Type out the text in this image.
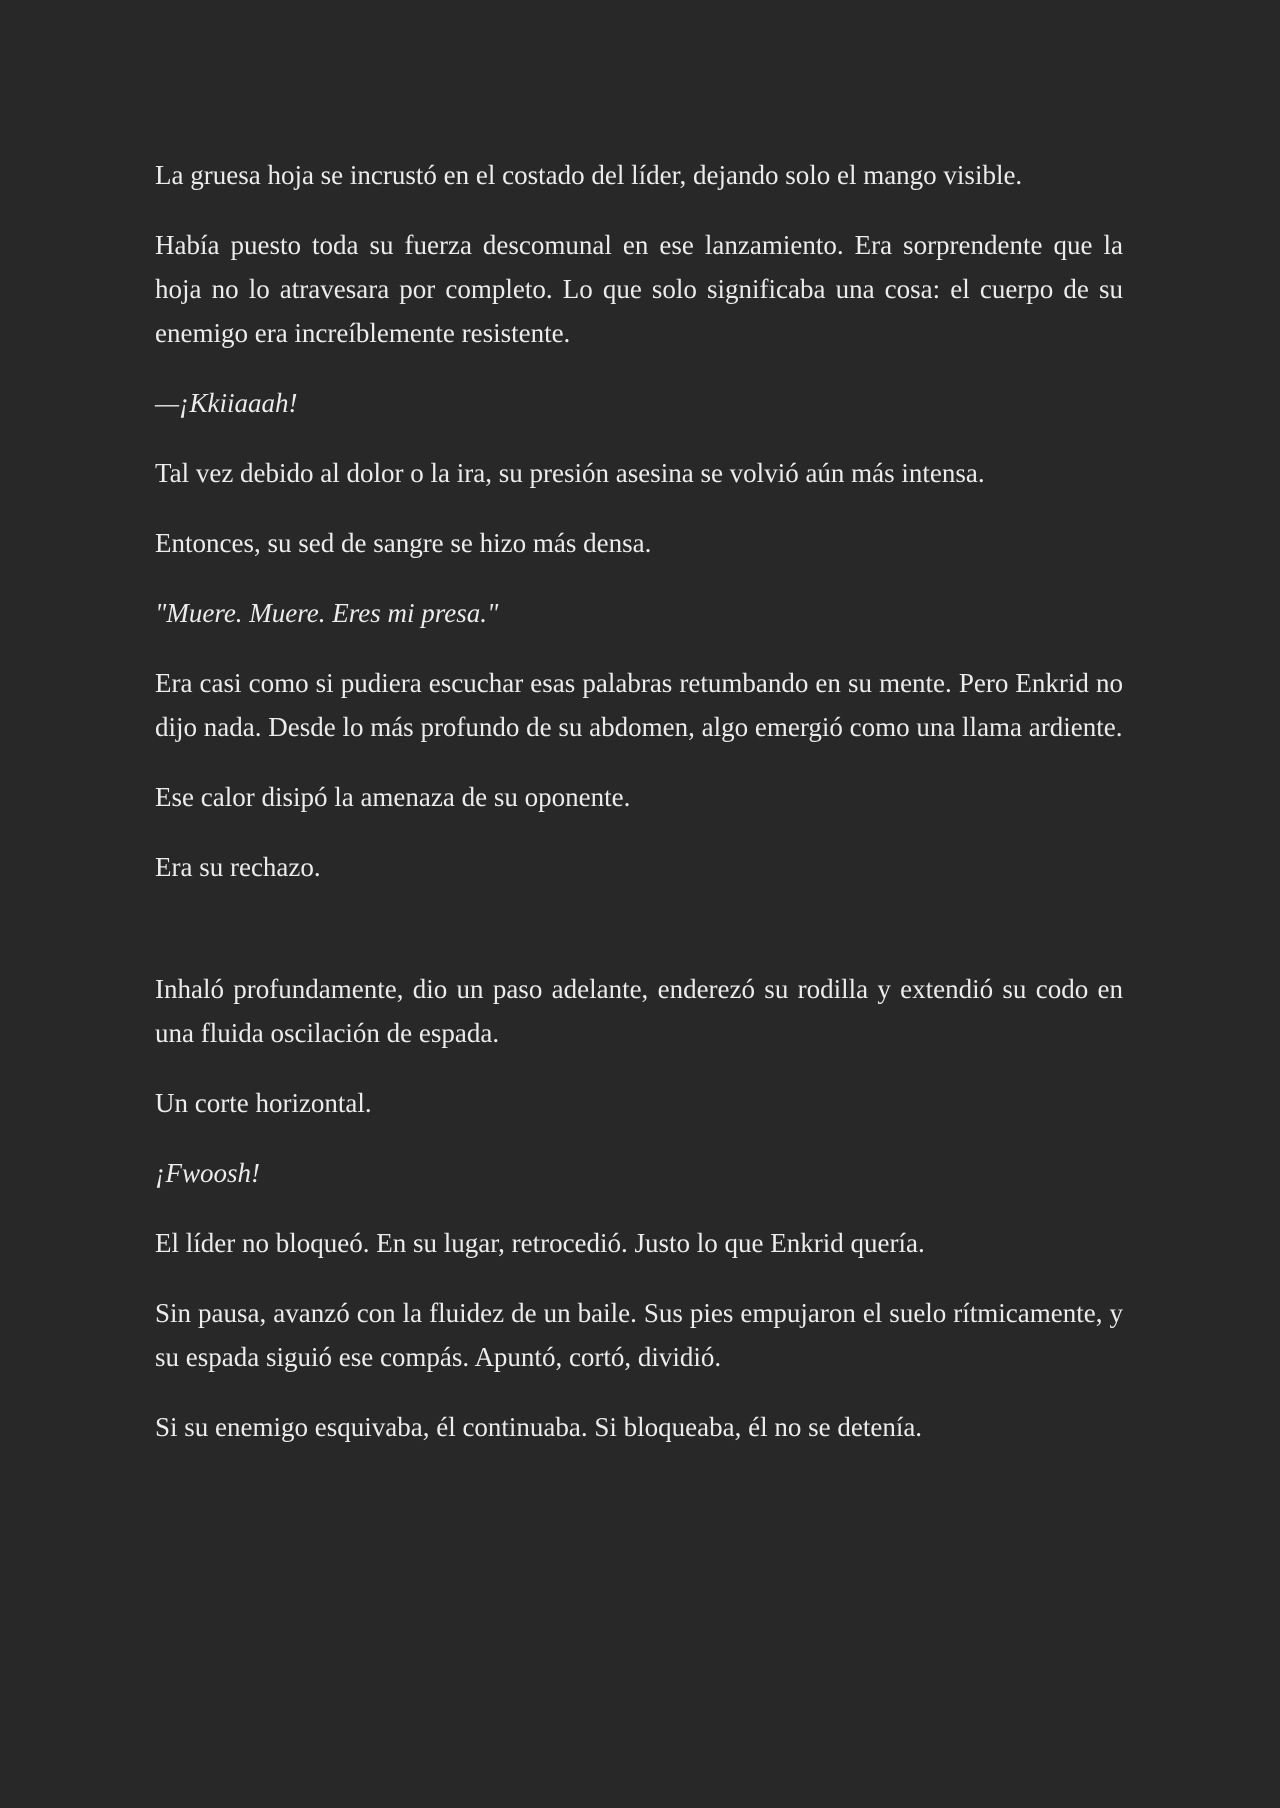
La gruesa hoja se incrustó en el costado del líder, dejando solo el mango visible.

Había puesto toda su fuerza descomunal en ese lanzamiento. Era sorprendente que la hoja no lo atravesara por completo. Lo que solo significaba una cosa: el cuerpo de su enemigo era increíblemente resistente.

—¡Kkiiaaah!

Tal vez debido al dolor o la ira, su presión asesina se volvió aún más intensa.

Entonces, su sed de sangre se hizo más densa.

"Muere. Muere. Eres mi presa."

Era casi como si pudiera escuchar esas palabras retumbando en su mente. Pero Enkrid no dijo nada. Desde lo más profundo de su abdomen, algo emergió como una llama ardiente.

Ese calor disipó la amenaza de su oponente.

Era su rechazo.

Inhaló profundamente, dio un paso adelante, enderezó su rodilla y extendió su codo en una fluida oscilación de espada.

Un corte horizontal.

¡Fwoosh!

El líder no bloqueó. En su lugar, retrocedió. Justo lo que Enkrid quería.

Sin pausa, avanzó con la fluidez de un baile. Sus pies empujaron el suelo rítmicamente, y su espada siguió ese compás. Apuntó, cortó, dividió.

Si su enemigo esquivaba, él continuaba. Si bloqueaba, él no se detenía.
